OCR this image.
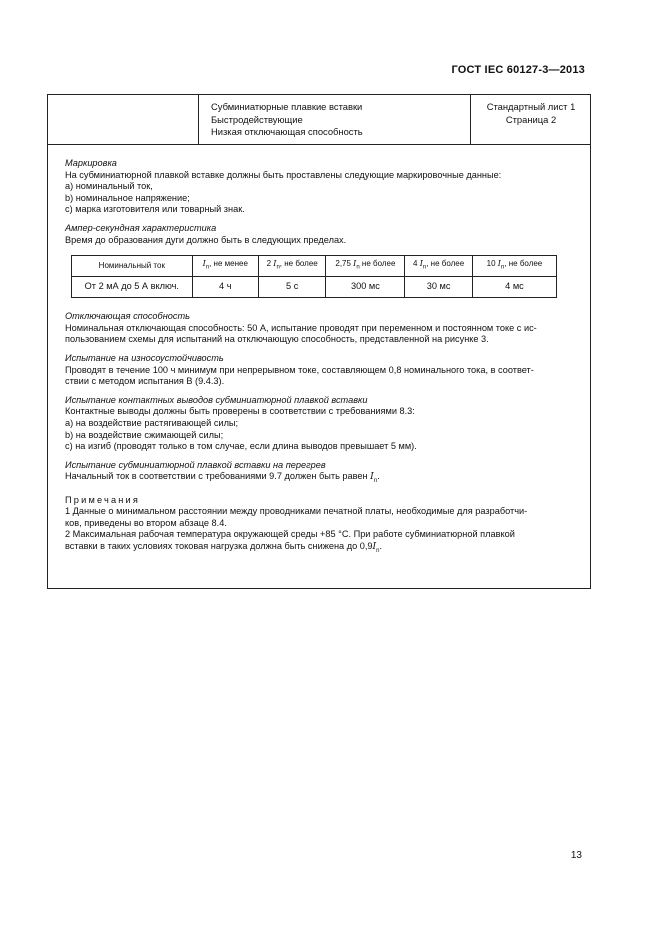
ГОСТ IEC 60127-3—2013
Субминиатюрные плавкие вставки
Быстродействующие
Низкая отключающая способность
Стандартный лист 1
Страница 2

Маркировка

На субминиатюрной плавкой вставке должны быть проставлены следующие маркировочные данные:

a) номинальный ток,

b) номинальное напряжение;

c) марка изготовителя или товарный знак.

Ампер-секундная характеристика

Время до образования дуги должно быть в следующих пределах.

Номинальный ток	$I_n$, не менее	2 $I_n$, не более	2,75 $I_n$ не более	4 $I_n$, не более	10 $I_n$, не более
От 2 мА до 5 А включ.	4 ч	5 с	300 мс	30 мс	4 мс

Отключающая способность

Номинальная отключающая способность: 50 А, испытание проводят при переменном и постоянном токе с ис-

пользованием схемы для испытаний на отключающую способность, представленной на рисунке 3.

Испытание на износоустойчивость

Проводят в течение 100 ч минимум при непрерывном токе, составляющем 0,8 номинального тока, в соответ-

ствии с методом испытания В (9.4.3).

Испытание контактных выводов субминиатюрной плавкой вставки

Контактные выводы должны быть проверены в соответствии с требованиями 8.3:

a) на воздействие растягивающей силы;

b) на воздействие сжимающей силы;

c) на изгиб (проводят только в том случае, если длина выводов превышает 5 мм).

Испытание субминиатюрной плавкой вставки на перегрев

Начальный ток в соответствии с требованиями 9.7 должен быть равен $I_n$.

Примечания

1 Данные о минимальном расстоянии между проводниками печатной платы, необходимые для разработчи-

ков, приведены во втором абзаце 8.4.

2 Максимальная рабочая температура окружающей среды +85 °С. При работе субминиатюрной плавкой

вставки в таких условиях токовая нагрузка должна быть снижена до $0,9I_n$.

13
